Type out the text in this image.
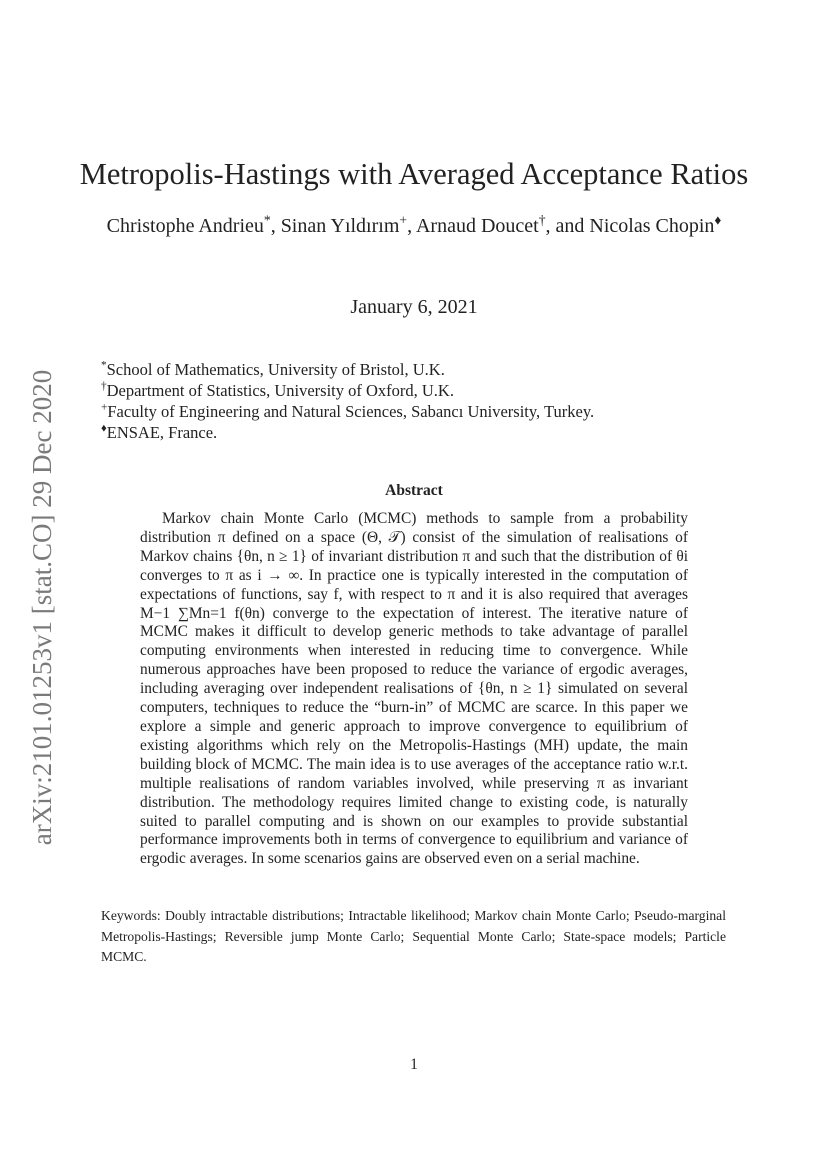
arXiv:2101.01253v1 [stat.CO] 29 Dec 2020
Metropolis-Hastings with Averaged Acceptance Ratios
Christophe Andrieu*, Sinan Yıldırım+, Arnaud Doucet†, and Nicolas Chopin♦
January 6, 2021
*School of Mathematics, University of Bristol, U.K.
†Department of Statistics, University of Oxford, U.K.
+Faculty of Engineering and Natural Sciences, Sabancı University, Turkey.
♦ENSAE, France.
Abstract
Markov chain Monte Carlo (MCMC) methods to sample from a probability distribution π defined on a space (Θ, 𝒯) consist of the simulation of realisations of Markov chains {θn, n ≥ 1} of invariant distribution π and such that the distribution of θi converges to π as i → ∞. In practice one is typically interested in the computation of expectations of functions, say f, with respect to π and it is also required that averages M−1 ∑Mn=1 f(θn) converge to the expectation of interest. The iterative nature of MCMC makes it difficult to develop generic methods to take advantage of parallel computing environments when interested in reducing time to convergence. While numerous approaches have been proposed to reduce the variance of ergodic averages, including averaging over independent realisations of {θn, n ≥ 1} simulated on several computers, techniques to reduce the “burn-in” of MCMC are scarce. In this paper we explore a simple and generic approach to improve convergence to equilibrium of existing algorithms which rely on the Metropolis-Hastings (MH) update, the main building block of MCMC. The main idea is to use averages of the acceptance ratio w.r.t. multiple realisations of random variables involved, while preserving π as invariant distribution. The methodology requires limited change to existing code, is naturally suited to parallel computing and is shown on our examples to provide substantial performance improvements both in terms of convergence to equilibrium and variance of ergodic averages. In some scenarios gains are observed even on a serial machine.
Keywords: Doubly intractable distributions; Intractable likelihood; Markov chain Monte Carlo; Pseudo-marginal Metropolis-Hastings; Reversible jump Monte Carlo; Sequential Monte Carlo; State-space models; Particle MCMC.
1
